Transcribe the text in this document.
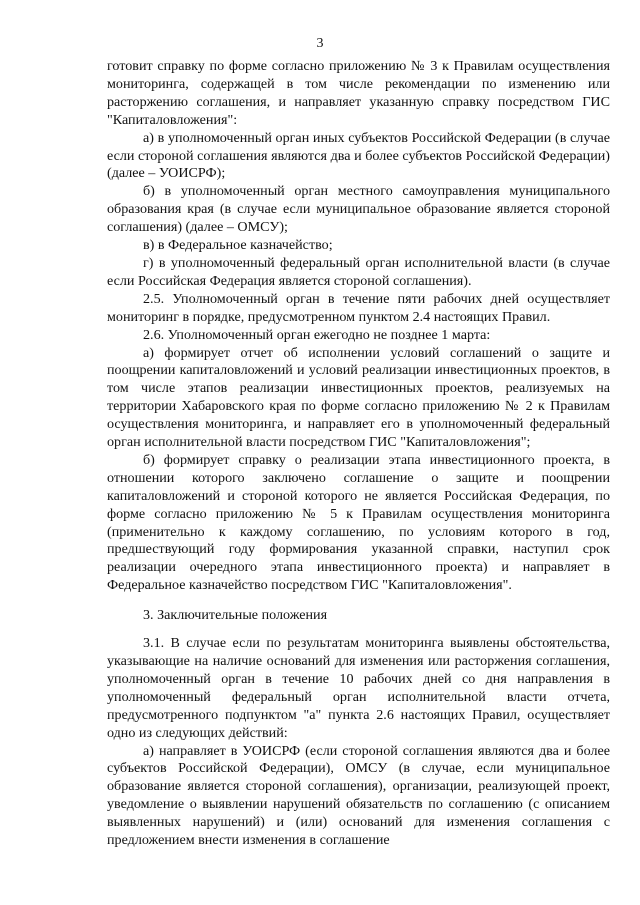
3

готовит справку по форме согласно приложению № 3 к Правилам осуществления мониторинга, содержащей в том числе рекомендации по изменению или расторжению соглашения, и направляет указанную справку посредством ГИС "Капиталовложения":

а) в уполномоченный орган иных субъектов Российской Федерации (в случае если стороной соглашения являются два и более субъектов Российской Федерации) (далее – УОИСРФ);

б) в уполномоченный орган местного самоуправления муниципального образования края (в случае если муниципальное образование является стороной соглашения) (далее – ОМСУ);

в) в Федеральное казначейство;

г) в уполномоченный федеральный орган исполнительной власти (в случае если Российская Федерация является стороной соглашения).

2.5. Уполномоченный орган в течение пяти рабочих дней осуществляет мониторинг в порядке, предусмотренном пунктом 2.4 настоящих Правил.

2.6. Уполномоченный орган ежегодно не позднее 1 марта:

а) формирует отчет об исполнении условий соглашений о защите и поощрении капиталовложений и условий реализации инвестиционных проектов, в том числе этапов реализации инвестиционных проектов, реализуемых на территории Хабаровского края по форме согласно приложению № 2 к Правилам осуществления мониторинга, и направляет его в уполномоченный федеральный орган исполнительной власти посредством ГИС "Капиталовложения";

б) формирует справку о реализации этапа инвестиционного проекта, в отношении которого заключено соглашение о защите и поощрении капиталовложений и стороной которого не является Российская Федерация, по форме согласно приложению № 5 к Правилам осуществления мониторинга (применительно к каждому соглашению, по условиям которого в год, предшествующий году формирования указанной справки, наступил срок реализации очередного этапа инвестиционного проекта) и направляет в Федеральное казначейство посредством ГИС "Капиталовложения".

3. Заключительные положения

3.1. В случае если по результатам мониторинга выявлены обстоятельства, указывающие на наличие оснований для изменения или расторжения соглашения, уполномоченный орган в течение 10 рабочих дней со дня направления в уполномоченный федеральный орган исполнительной власти отчета, предусмотренного подпунктом "а" пункта 2.6 настоящих Правил, осуществляет одно из следующих действий:

а) направляет в УОИСРФ (если стороной соглашения являются два и более субъектов Российской Федерации), ОМСУ (в случае, если муниципальное образование является стороной соглашения), организации, реализующей проект, уведомление о выявлении нарушений обязательств по соглашению (с описанием выявленных нарушений) и (или) оснований для изменения соглашения с предложением внести изменения в соглашение
